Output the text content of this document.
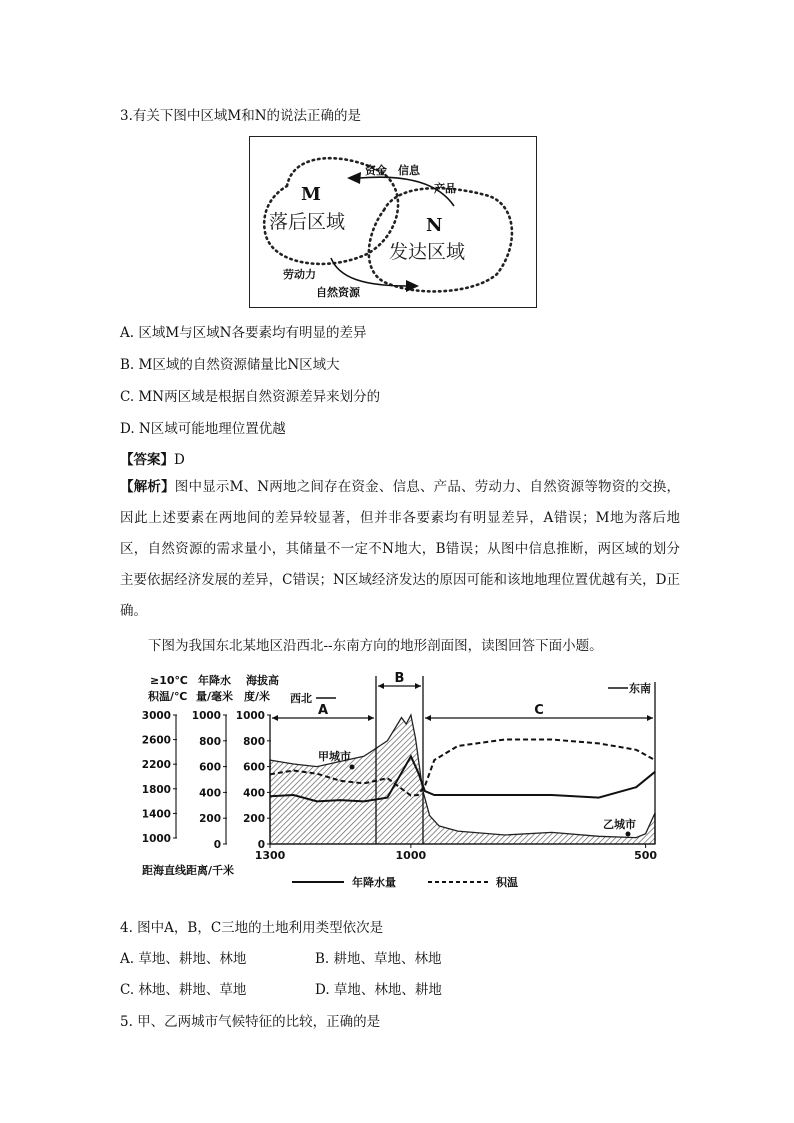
3.有关下图中区域M和N的说法正确的是
M
落后区域	N
发达区域
资金 信息
产品
劳动力
自然资源
A. 区域M与区域N各要素均有明显的差异
B. M区域的自然资源储量比N区域大
C. MN两区域是根据自然资源差异来划分的
D. N区域可能地理位置优越
【答案】D
【解析】图中显示M、N两地之间存在资金、信息、产品、劳动力、自然资源等物资的交换，因此上述要素在两地间的差异较显著，但并非各要素均有明显差异，A错误；M地为落后地区，自然资源的需求量小，其储量不一定不N地大，B错误；从图中信息推断，两区域的划分主要依据经济发展的差异，C错误；N区域经济发达的原因可能和该地地理位置优越有关，D正确。
下图为我国东北某地区沿西北--东南方向的地形剖面图，读图回答下面小题。
A
B
C
西北
东南
≥10℃
积温/℃
年降水
量/毫米
海拔高
度/米
3000
2600
2200
1800
1400
1000
1000
800
600
400
200
0
1000
800
600
400
200
0
1300	1000	500
距海直线距离/千米
甲城市
乙城市
年降水量	积温
4. 图中A，B，C三地的土地利用类型依次是
A. 草地、耕地、林地	B. 耕地、草地、林地
C. 林地、耕地、草地	D. 草地、林地、耕地
5. 甲、乙两城市气候特征的比较，正确的是
